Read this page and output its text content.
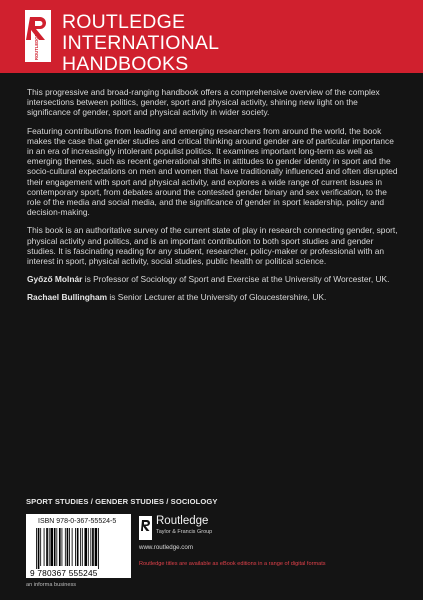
ROUTLEDGE
ROUTLEDGE
INTERNATIONAL
HANDBOOKS

This progressive and broad-ranging handbook offers a comprehensive overview of the complex intersections between politics, gender, sport and physical activity, shining new light on the significance of gender, sport and physical activity in wider society.

Featuring contributions from leading and emerging researchers from around the world, the book makes the case that gender studies and critical thinking around gender are of particular importance in an era of increasingly intolerant populist politics. It examines important long-term as well as emerging themes, such as recent generational shifts in attitudes to gender identity in sport and the socio-cultural expectations on men and women that have traditionally influenced and often disrupted their engagement with sport and physical activity, and explores a wide range of current issues in contemporary sport, from debates around the contested gender binary and sex verification, to the role of the media and social media, and the significance of gender in sport leadership, policy and decision-making.

This book is an authoritative survey of the current state of play in research connecting gender, sport, physical activity and politics, and is an important contribution to both sport studies and gender studies. It is fascinating reading for any student, researcher, policy-maker or professional with an interest in sport, physical activity, social studies, public health or political science.

Győző Molnár is Professor of Sociology of Sport and Exercise at the University of Worcester, UK.

Rachael Bullingham is Senior Lecturer at the University of Gloucestershire, UK.

SPORT STUDIES / GENDER STUDIES / SOCIOLOGY
ISBN 978-0-367-55524-5
9 780367 555245
an informa business
Routledge
Taylor & Francis Group
www.routledge.com
Routledge titles are available as eBook editions in a range of digital formats
